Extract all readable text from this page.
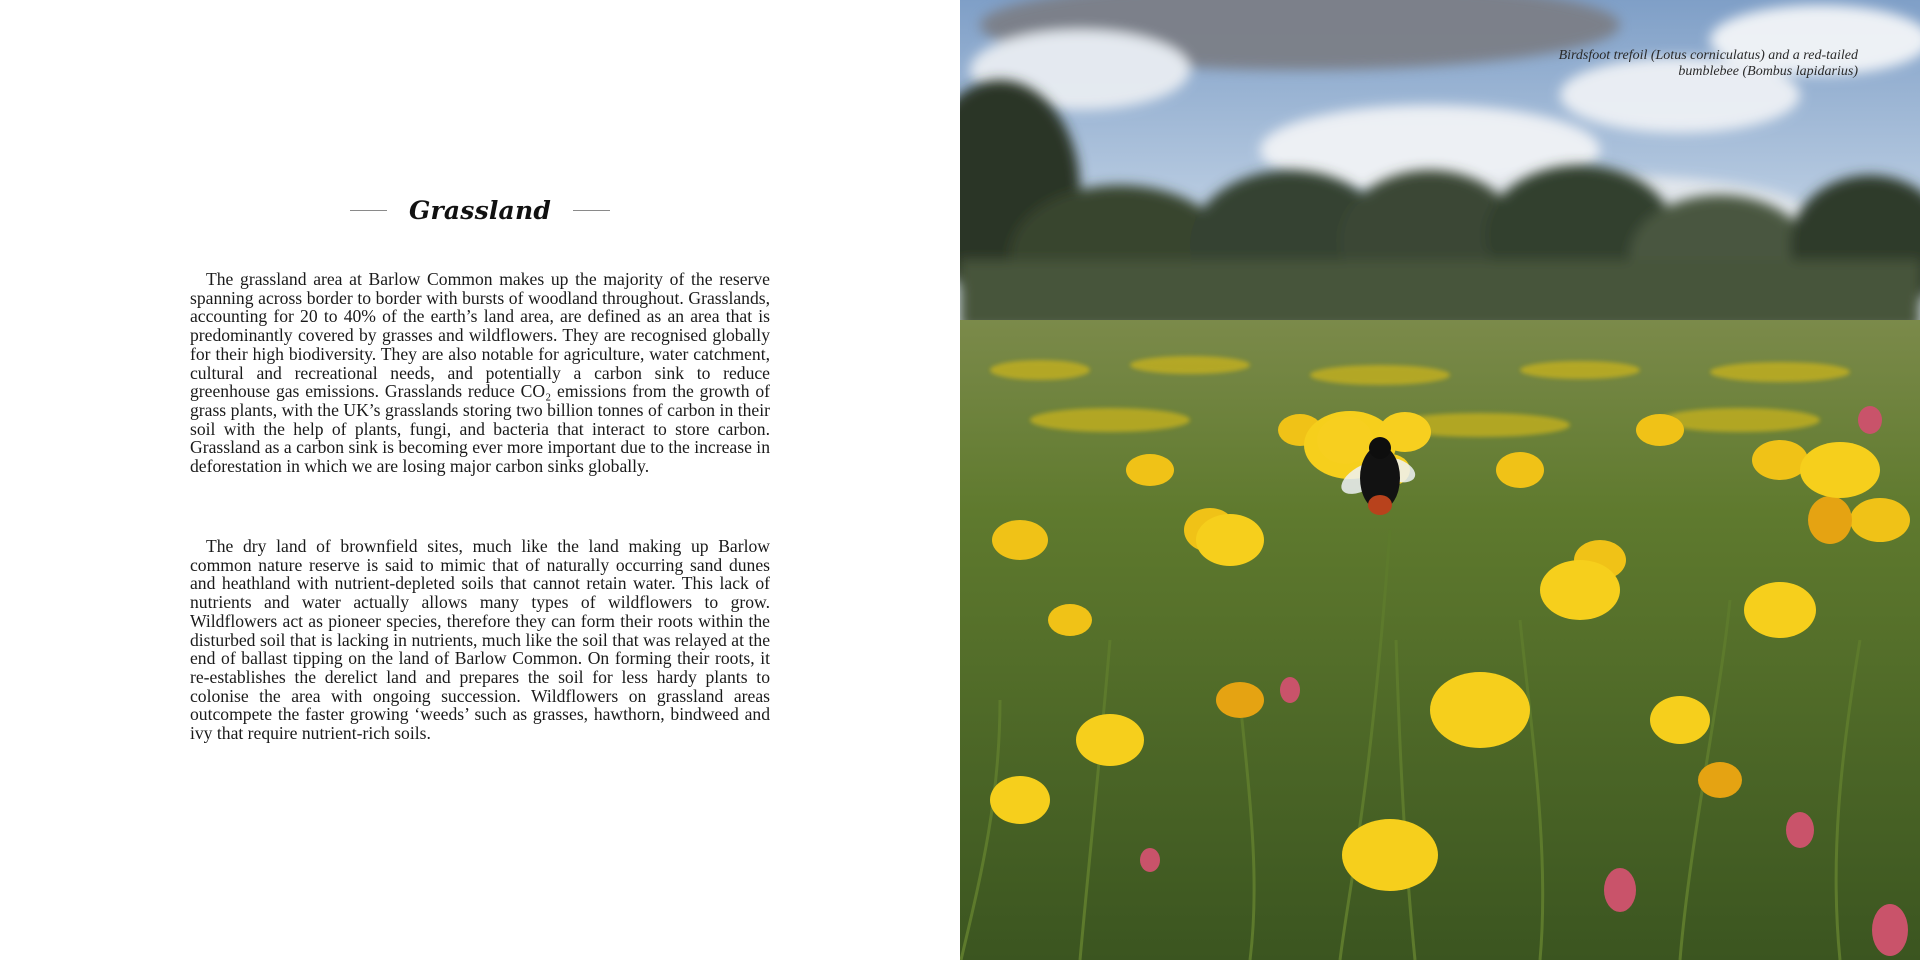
Grassland

The grassland area at Barlow Common makes up the majority of the reserve spanning across border to border with bursts of woodland throughout. Grasslands, accounting for 20 to 40% of the earth’s land area, are defined as an area that is predominantly covered by grasses and wildflowers. They are recognised globally for their high biodiversity. They are also notable for agriculture, water catchment, cultural and recreational needs, and potentially a carbon sink to reduce greenhouse gas emissions. Grasslands reduce CO₂ emissions from the growth of grass plants, with the UK’s grasslands storing two billion tonnes of carbon in their soil with the help of plants, fungi, and bacteria that interact to store carbon. Grassland as a carbon sink is becoming ever more important due to the increase in deforestation in which we are losing major carbon sinks globally.

The dry land of brownfield sites, much like the land making up Barlow common nature reserve is said to mimic that of naturally occurring sand dunes and heathland with nutrient-depleted soils that cannot retain water. This lack of nutrients and water actually allows many types of wildflowers to grow. Wildflowers act as pioneer species, therefore they can form their roots within the disturbed soil that is lacking in nutrients, much like the soil that was relayed at the end of ballast tipping on the land of Barlow Common. On forming their roots, it re-establishes the derelict land and prepares the soil for less hardy plants to colonise the area with ongoing succession. Wildflowers on grassland areas outcompete the faster growing ‘weeds’ such as grasses, hawthorn, bindweed and ivy that require nutrient-rich soils.

Birdsfoot trefoil (Lotus corniculatus) and a red-tailed bumblebee (Bombus lapidarius)
